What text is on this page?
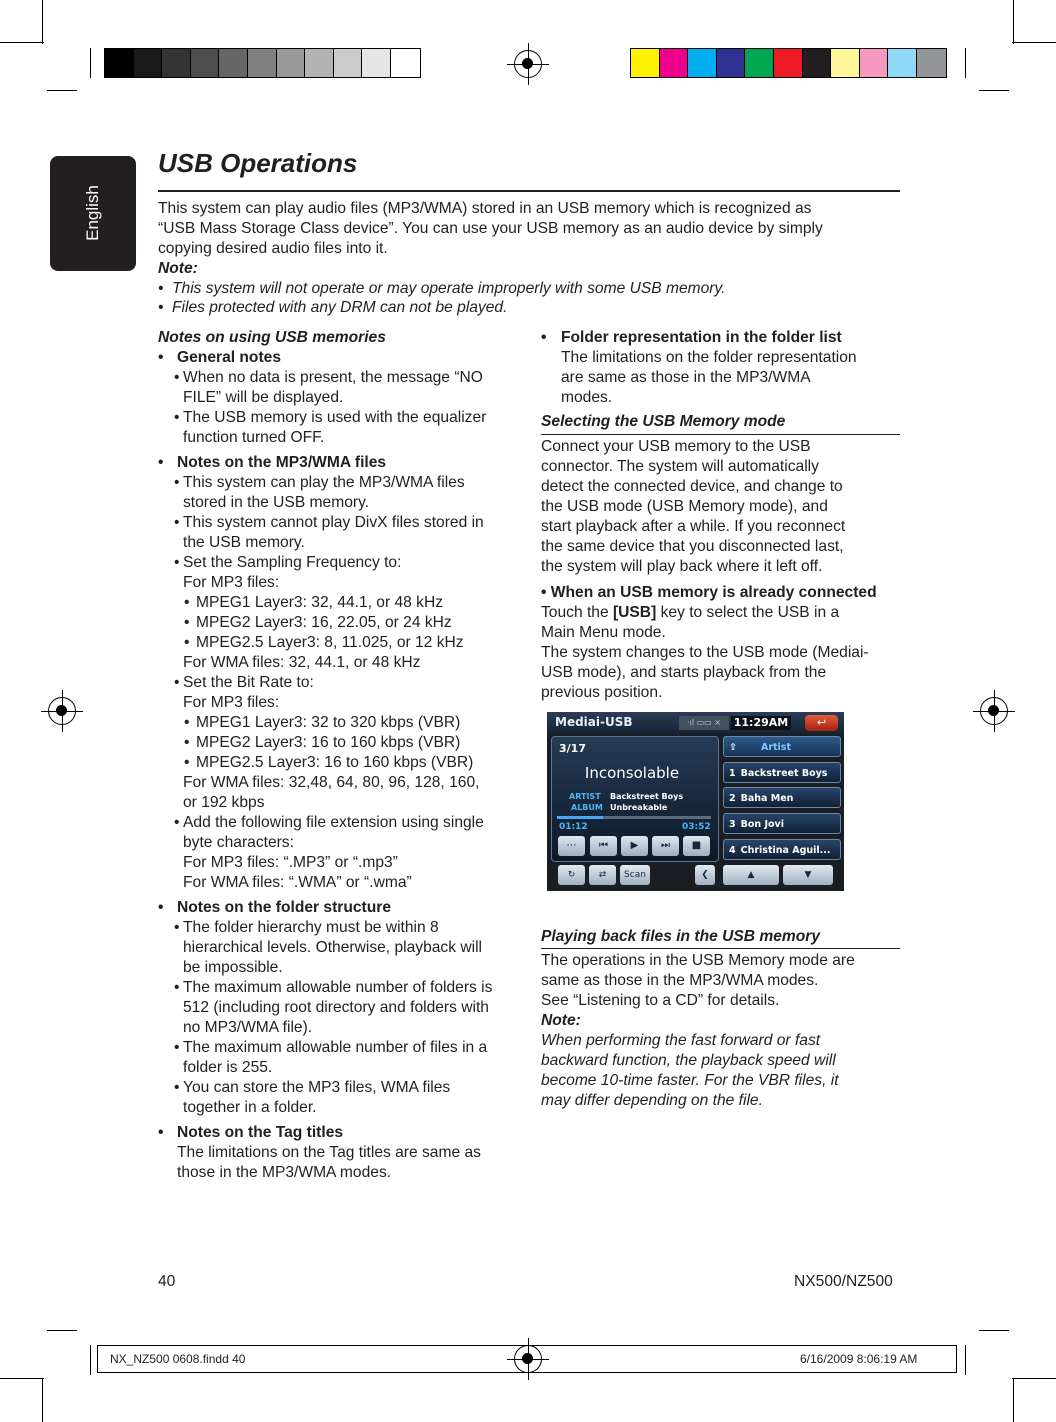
English
USB Operations
This system can play audio files (MP3/WMA) stored in an USB memory which is recognized as
“USB Mass Storage Class device”. You can use your USB memory as an audio device by simply
copying desired audio files into it.
Note:
• This system will not operate or may operate improperly with some USB memory.
• Files protected with any DRM can not be played.
Notes on using USB memories
• General notes
• When no data is present, the message “NO
FILE” will be displayed.
• The USB memory is used with the equalizer
function turned OFF.
• Notes on the MP3/WMA files
• This system can play the MP3/WMA files
stored in the USB memory.
• This system cannot play DivX files stored in
the USB memory.
• Set the Sampling Frequency to:
For MP3 files:
• MPEG1 Layer3: 32, 44.1, or 48 kHz
• MPEG2 Layer3: 16, 22.05, or 24 kHz
• MPEG2.5 Layer3: 8, 11.025, or 12 kHz
For WMA files: 32, 44.1, or 48 kHz
• Set the Bit Rate to:
For MP3 files:
• MPEG1 Layer3: 32 to 320 kbps (VBR)
• MPEG2 Layer3: 16 to 160 kbps (VBR)
• MPEG2.5 Layer3: 16 to 160 kbps (VBR)
For WMA files: 32,48, 64, 80, 96, 128, 160,
or 192 kbps
• Add the following file extension using single
byte characters:
For MP3 files: “.MP3” or “.mp3”
For WMA files: “.WMA” or “.wma”
• Notes on the folder structure
• The folder hierarchy must be within 8
hierarchical levels. Otherwise, playback will
be impossible.
• The maximum allowable number of folders is
512 (including root directory and folders with
no MP3/WMA file).
• The maximum allowable number of files in a
folder is 255.
• You can store the MP3 files, WMA files
together in a folder.
• Notes on the Tag titles
The limitations on the Tag titles are same as
those in the MP3/WMA modes.
• Folder representation in the folder list
The limitations on the folder representation
are same as those in the MP3/WMA
modes.
Selecting the USB Memory mode
Connect your USB memory to the USB
connector. The system will automatically
detect the connected device, and change to
the USB mode (USB Memory mode), and
start playback after a while. If you reconnect
the same device that you disconnected last,
the system will play back where it left off.
• When an USB memory is already connected
Touch the [USB] key to select the USB in a
Main Menu mode.
The system changes to the USB mode (Mediai-
USB mode), and starts playback from the
previous position.
Mediai-USB	·ıl ▭▭ ×	11:29AM	↩
3/17
Inconsolable
ARTIST Backstreet Boys
ALBUM Unbreakable
01:12	03:52
⋯	⏮	▶	⏭	■
⇧	Artist
1 Backstreet Boys
2 Baha Men
3 Bon Jovi
4 Christina Aguil...
↻	⇄	Scan	❮	▲	▼
Playing back files in the USB memory
The operations in the USB Memory mode are
same as those in the MP3/WMA modes.
See “Listening to a CD” for details.
Note:
When performing the fast forward or fast
backward function, the playback speed will
become 10-time faster. For the VBR files, it
may differ depending on the file.
40	NX500/NZ500
NX_NZ500 0608.findd 40	6/16/2009 8:06:19 AM
